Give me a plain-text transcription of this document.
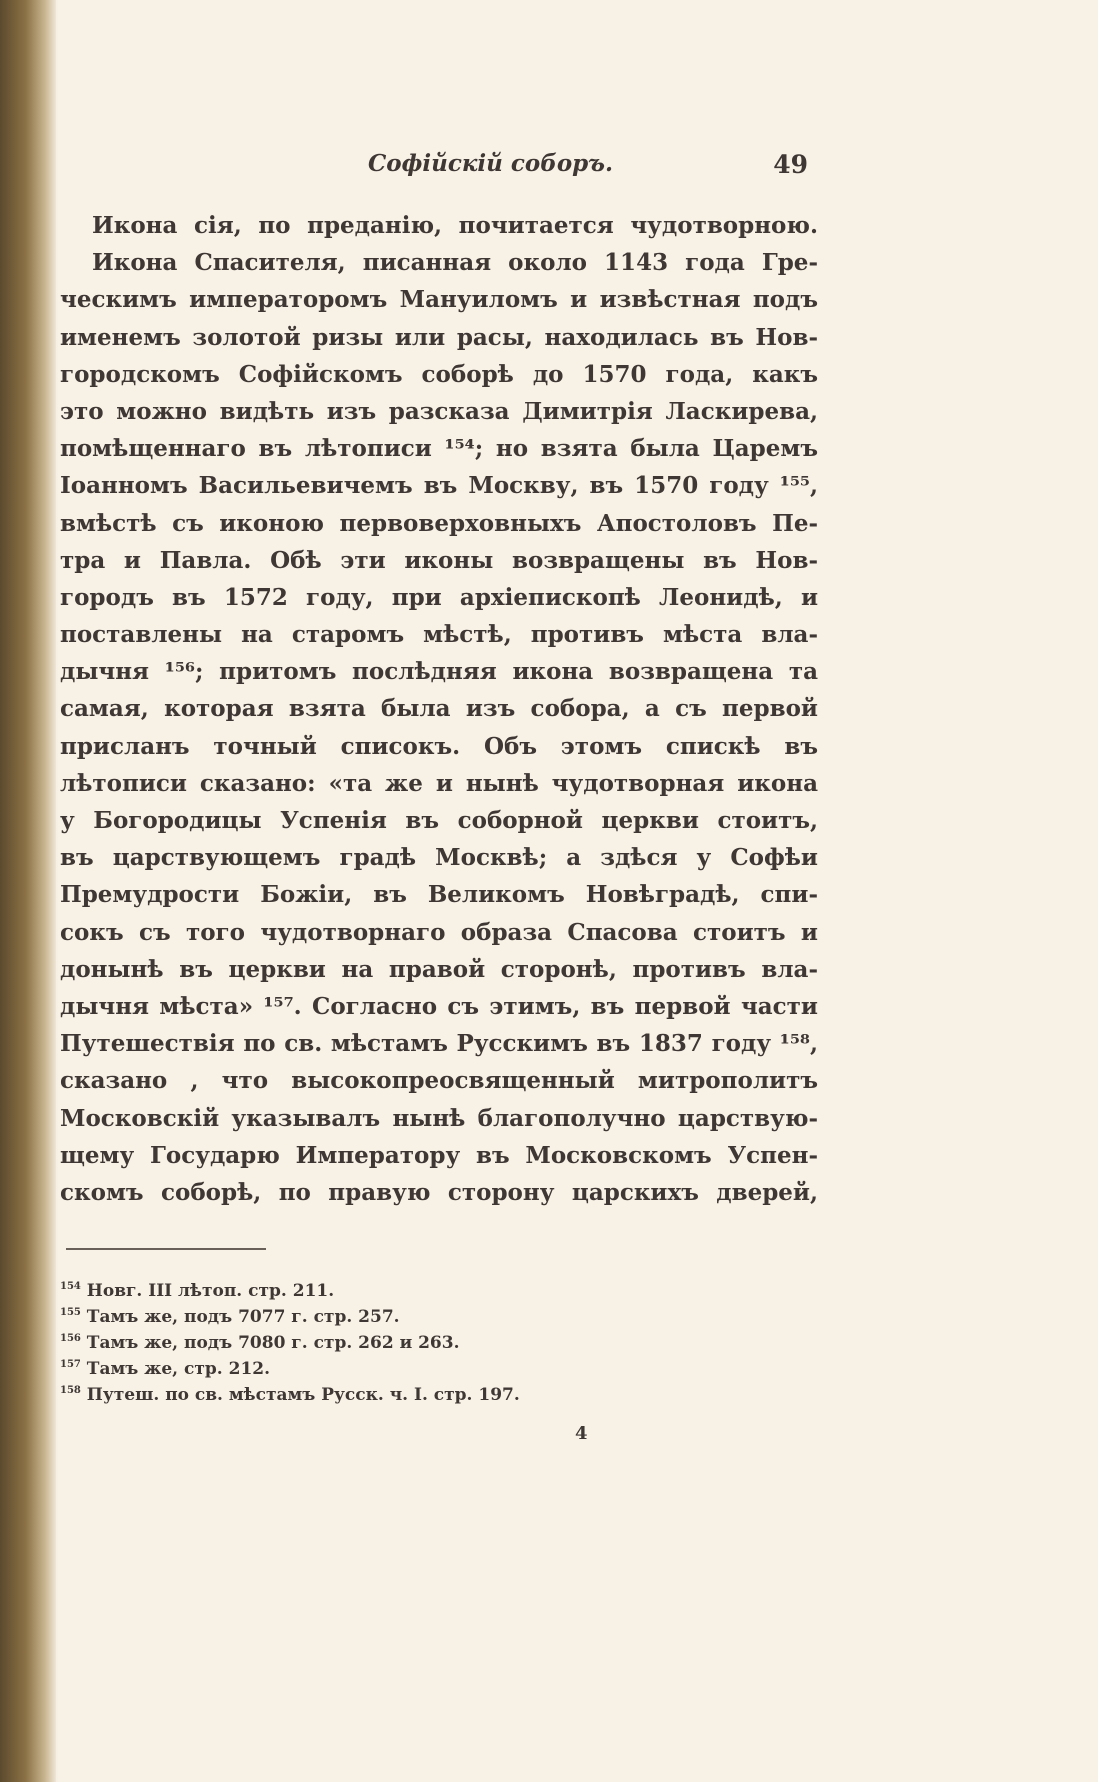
Софійскій соборъ.	49
Икона сія, по преданію, почитается чудотворною.
Икона Спасителя, писанная около 1143 года Гре-
ческимъ императоромъ Мануиломъ и извѣстная подъ
именемъ золотой ризы или расы, находилась въ Нов-
городскомъ Софійскомъ соборѣ до 1570 года, какъ
это можно видѣть изъ разсказа Димитрія Ласкирева,
помѣщеннаго въ лѣтописи ¹⁵⁴; но взята была Царемъ
Іоанномъ Васильевичемъ въ Москву, въ 1570 году ¹⁵⁵,
вмѣстѣ съ иконою первоверховныхъ Апостоловъ Пе-
тра и Павла. Обѣ эти иконы возвращены въ Нов-
городъ въ 1572 году, при архіепископѣ Леонидѣ, и
поставлены на старомъ мѣстѣ, противъ мѣста вла-
дычня ¹⁵⁶; притомъ послѣдняя икона возвращена та
самая, которая взята была изъ собора, а съ первой
присланъ точный списокъ. Объ этомъ спискѣ въ
лѣтописи сказано: «та же и нынѣ чудотворная икона
у Богородицы Успенія въ соборной церкви стоитъ,
въ царствующемъ градѣ Москвѣ; а здѣся у Софѣи
Премудрости Божіи, въ Великомъ Новѣградѣ, спи-
сокъ съ того чудотворнаго образа Спасова стоитъ и
донынѣ въ церкви на правой сторонѣ, противъ вла-
дычня мѣста» ¹⁵⁷. Согласно съ этимъ, въ первой части
Путешествія по св. мѣстамъ Русскимъ въ 1837 году ¹⁵⁸,
сказано , что высокопреосвященный митрополитъ
Московскій указывалъ нынѣ благополучно царствую-
щему Государю Императору въ Московскомъ Успен-
скомъ соборѣ, по правую сторону царскихъ дверей,
$^{154}$ Новг. III лѣтоп. стр. 211.
$^{155}$ Тамъ же, подъ 7077 г. стр. 257.
$^{156}$ Тамъ же, подъ 7080 г. стр. 262 и 263.
$^{157}$ Тамъ же, стр. 212.
$^{158}$ Путеш. по св. мѣстамъ Русск. ч. I. стр. 197.
4
